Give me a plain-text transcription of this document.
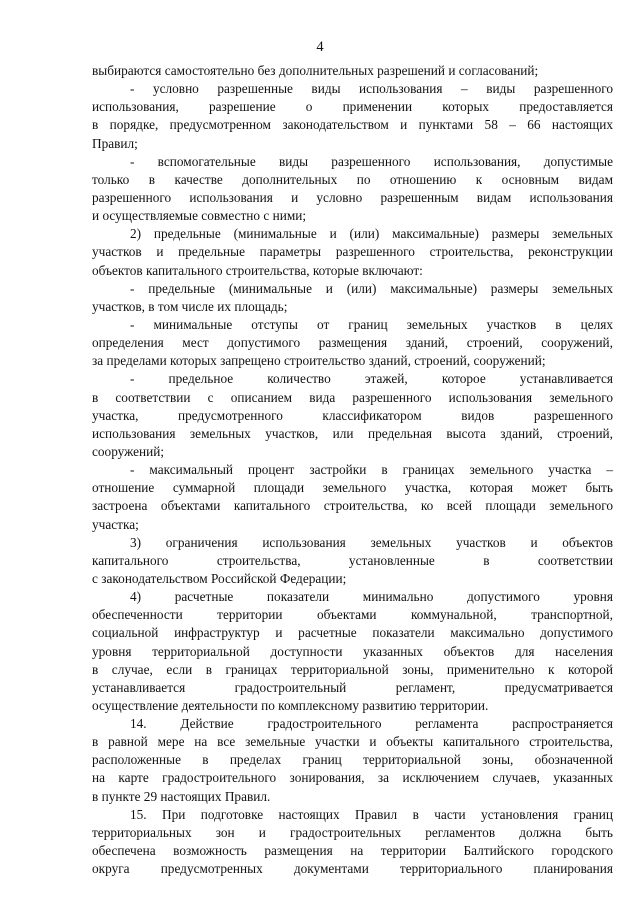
4
выбираются самостоятельно без дополнительных разрешений и согласований;
- условно разрешенные виды использования – виды разрешенного
использования, разрешение о применении которых предоставляется
в порядке, предусмотренном законодательством и пунктами 58 – 66 настоящих
Правил;
- вспомогательные виды разрешенного использования, допустимые
только в качестве дополнительных по отношению к основным видам
разрешенного использования и условно разрешенным видам использования
и осуществляемые совместно с ними;
2) предельные (минимальные и (или) максимальные) размеры земельных
участков и предельные параметры разрешенного строительства, реконструкции
объектов капитального строительства, которые включают:
- предельные (минимальные и (или) максимальные) размеры земельных
участков, в том числе их площадь;
- минимальные отступы от границ земельных участков в целях
определения мест допустимого размещения зданий, строений, сооружений,
за пределами которых запрещено строительство зданий, строений, сооружений;
- предельное количество этажей, которое устанавливается
в соответствии с описанием вида разрешенного использования земельного
участка, предусмотренного классификатором видов разрешенного
использования земельных участков, или предельная высота зданий, строений,
сооружений;
- максимальный процент застройки в границах земельного участка –
отношение суммарной площади земельного участка, которая может быть
застроена объектами капитального строительства, ко всей площади земельного
участка;
3) ограничения использования земельных участков и объектов
капитального строительства, установленные в соответствии
с законодательством Российской Федерации;
4) расчетные показатели минимально допустимого уровня
обеспеченности территории объектами коммунальной, транспортной,
социальной инфраструктур и расчетные показатели максимально допустимого
уровня территориальной доступности указанных объектов для населения
в случае, если в границах территориальной зоны, применительно к которой
устанавливается градостроительный регламент, предусматривается
осуществление деятельности по комплексному развитию территории.
14. Действие градостроительного регламента распространяется
в равной мере на все земельные участки и объекты капитального строительства,
расположенные в пределах границ территориальной зоны, обозначенной
на карте градостроительного зонирования, за исключением случаев, указанных
в пункте 29 настоящих Правил.
15. При подготовке настоящих Правил в части установления границ
территориальных зон и градостроительных регламентов должна быть
обеспечена возможность размещения на территории Балтийского городского
округа предусмотренных документами территориального планирования
